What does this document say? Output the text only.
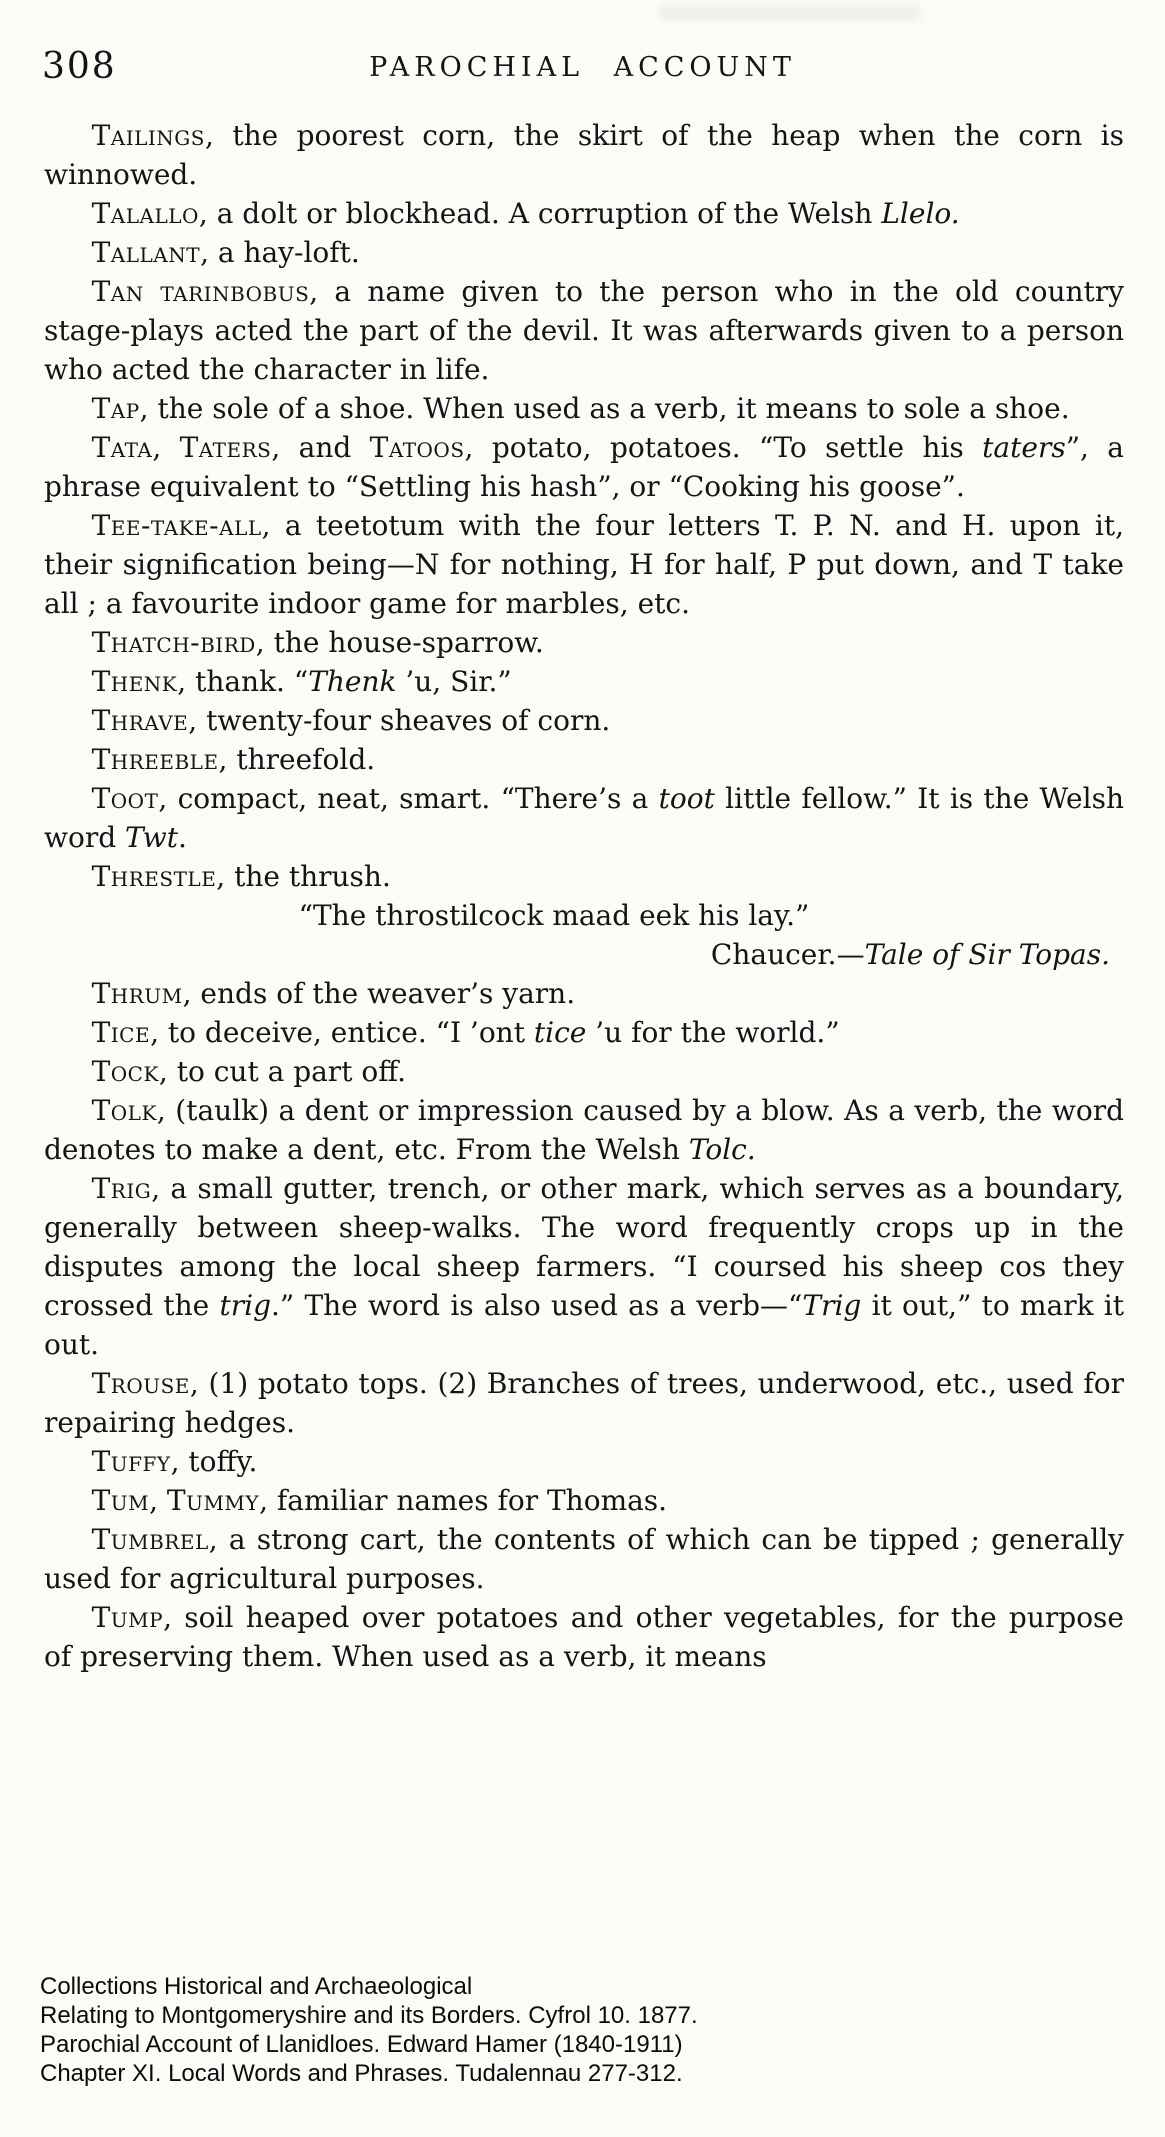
308	PAROCHIAL ACCOUNT

Tailings, the poorest corn, the skirt of the heap when the corn is winnowed.

Talallo, a dolt or blockhead. A corruption of the Welsh Llelo.

Tallant, a hay-loft.

Tan tarinbobus, a name given to the person who in the old country stage-plays acted the part of the devil. It was afterwards given to a person who acted the character in life.

Tap, the sole of a shoe. When used as a verb, it means to sole a shoe.

Tata, Taters, and Tatoos, potato, potatoes. “To settle his taters”, a phrase equivalent to “Settling his hash”, or “Cooking his goose”.

Tee-take-all, a teetotum with the four letters T. P. N. and H. upon it, their signification being—N for nothing, H for half, P put down, and T take all ; a favourite indoor game for marbles, etc.

Thatch-bird, the house-sparrow.

Thenk, thank. “Thenk ’u, Sir.”

Thrave, twenty-four sheaves of corn.

Threeble, threefold.

Toot, compact, neat, smart. “There’s a toot little fellow.” It is the Welsh word Twt.

Threstle, the thrush.

“The throstilcock maad eek his lay.”

Chaucer.—Tale of Sir Topas.

Thrum, ends of the weaver’s yarn.

Tice, to deceive, entice. “I ’ont tice ’u for the world.”

Tock, to cut a part off.

Tolk, (taulk) a dent or impression caused by a blow. As a verb, the word denotes to make a dent, etc. From the Welsh Tolc.

Trig, a small gutter, trench, or other mark, which serves as a boundary, generally between sheep-walks. The word frequently crops up in the disputes among the local sheep farmers. “I coursed his sheep cos they crossed the trig.” The word is also used as a verb—“Trig it out,” to mark it out.

Trouse, (1) potato tops. (2) Branches of trees, underwood, etc., used for repairing hedges.

Tuffy, toffy.

Tum, Tummy, familiar names for Thomas.

Tumbrel, a strong cart, the contents of which can be tipped ; generally used for agricultural purposes.

Tump, soil heaped over potatoes and other vegetables, for the purpose of preserving them. When used as a verb, it means

Collections Historical and Archaeological
Relating to Montgomeryshire and its Borders. Cyfrol 10. 1877.
Parochial Account of Llanidloes. Edward Hamer (1840-1911)
Chapter XI. Local Words and Phrases. Tudalennau 277-312.
